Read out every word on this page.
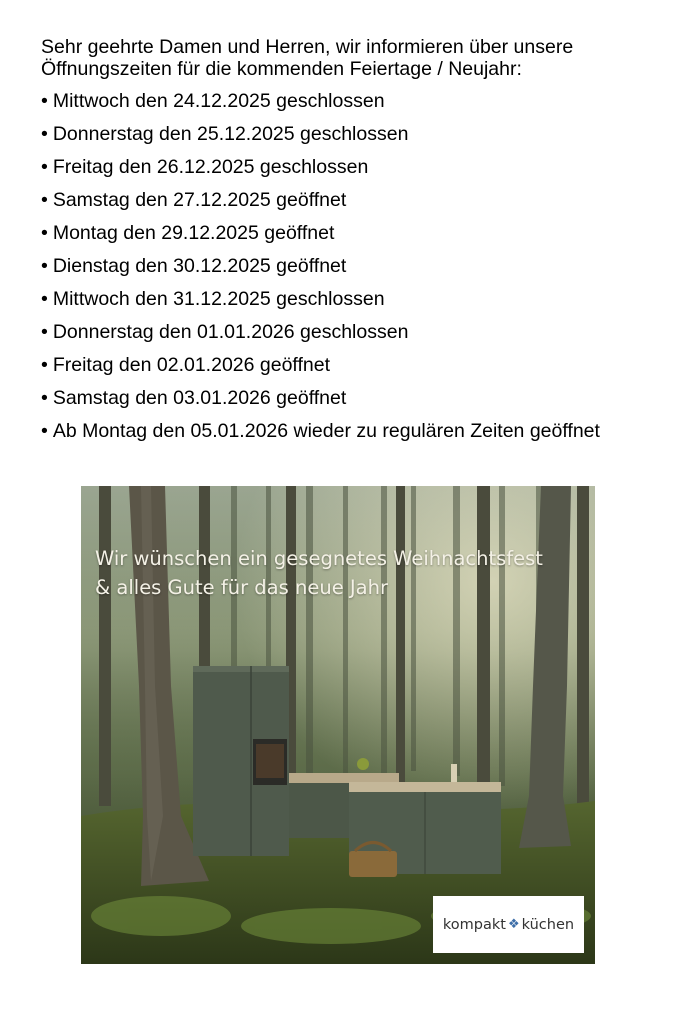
Sehr geehrte Damen und Herren, wir informieren über unsere Öffnungszeiten für die kommenden Feiertage / Neujahr:

• Mittwoch den 24.12.2025 geschlossen
• Donnerstag den 25.12.2025 geschlossen
• Freitag den 26.12.2025 geschlossen
• Samstag den 27.12.2025 geöffnet
• Montag den 29.12.2025 geöffnet
• Dienstag den 30.12.2025 geöffnet
• Mittwoch den 31.12.2025 geschlossen
• Donnerstag den 01.01.2026 geschlossen
• Freitag den 02.01.2026 geöffnet
• Samstag den 03.01.2026 geöffnet
• Ab Montag den 05.01.2026 wieder zu regulären Zeiten geöffnet

Wir wünschen ein gesegnetes Weihnachtsfest
& alles Gute für das neue Jahr

kompakt ❖ küchen
